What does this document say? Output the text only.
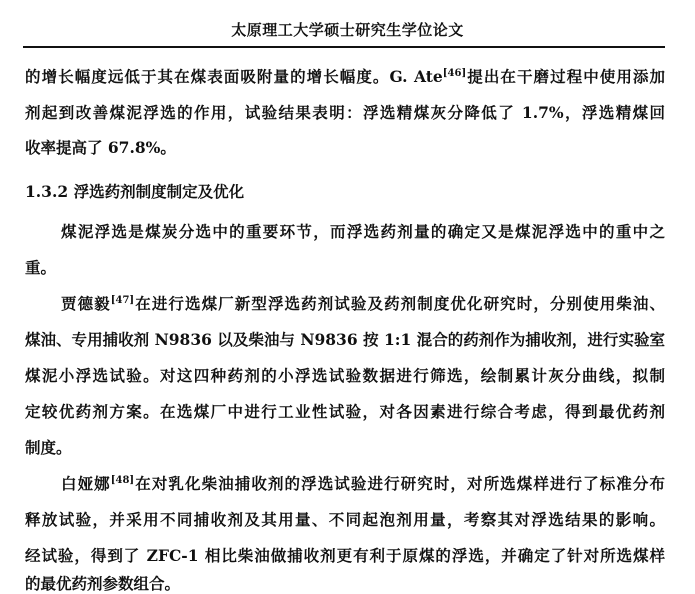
太原理工大学硕士研究生学位论文
的增长幅度远低于其在煤表面吸附量的增长幅度。G. Ate[46]提出在干磨过程中使用添加
剂起到改善煤泥浮选的作用，试验结果表明：浮选精煤灰分降低了 1.7%，浮选精煤回
收率提高了 67.8%。
1.3.2 浮选药剂制度制定及优化
煤泥浮选是煤炭分选中的重要环节，而浮选药剂量的确定又是煤泥浮选中的重中之
重。
贾德毅[47]在进行选煤厂新型浮选药剂试验及药剂制度优化研究时，分别使用柴油、
煤油、专用捕收剂 N9836 以及柴油与 N9836 按 1:1 混合的药剂作为捕收剂，进行实验室
煤泥小浮选试验。对这四种药剂的小浮选试验数据进行筛选，绘制累计灰分曲线，拟制
定较优药剂方案。在选煤厂中进行工业性试验，对各因素进行综合考虑，得到最优药剂
制度。
白娅娜[48]在对乳化柴油捕收剂的浮选试验进行研究时，对所选煤样进行了标准分布
释放试验，并采用不同捕收剂及其用量、不同起泡剂用量，考察其对浮选结果的影响。
经试验，得到了 ZFC-1 相比柴油做捕收剂更有利于原煤的浮选，并确定了针对所选煤样
的最优药剂参数组合。
